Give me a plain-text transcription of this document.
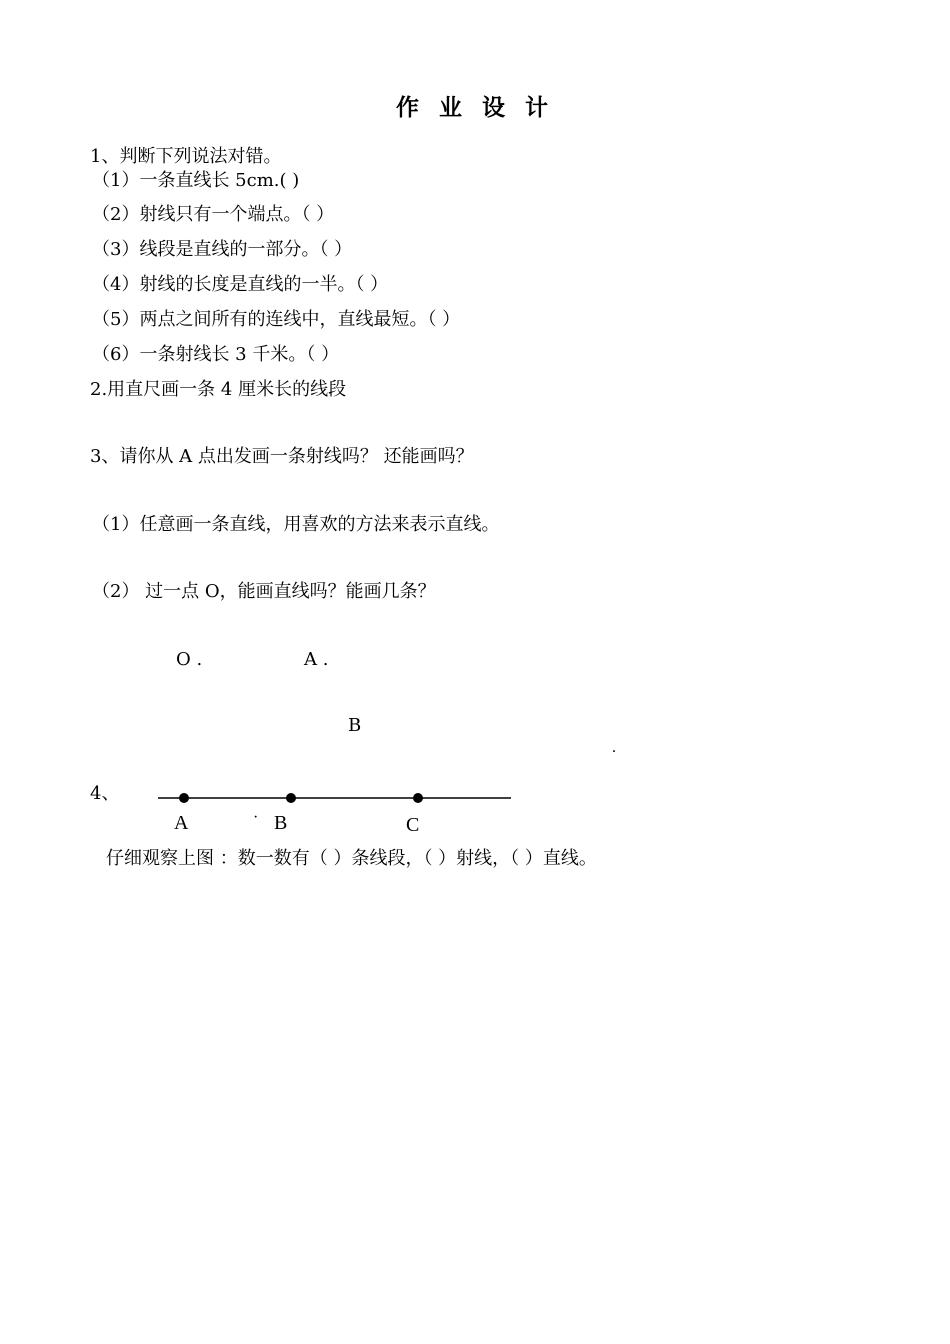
作 业 设 计
1、判断下列说法对错。
（1）一条直线长 5cm.( )
（2）射线只有一个端点。（ ）
（3）线段是直线的一部分。（ ）
（4）射线的长度是直线的一半。（ ）
（5）两点之间所有的连线中，直线最短。（ ）
（6）一条射线长 3 千米。（ ）
2.用直尺画一条 4 厘米长的线段
3、请你从 A 点出发画一条射线吗？ 还能画吗？
（1）任意画一条直线，用喜欢的方法来表示直线。
（2） 过一点 O，能画直线吗？能画几条？
O .	A .
B
.
4、
A	· B	C
仔细观察上图 ：数一数有（ ）条线段，（ ）射线，（ ）直线。
